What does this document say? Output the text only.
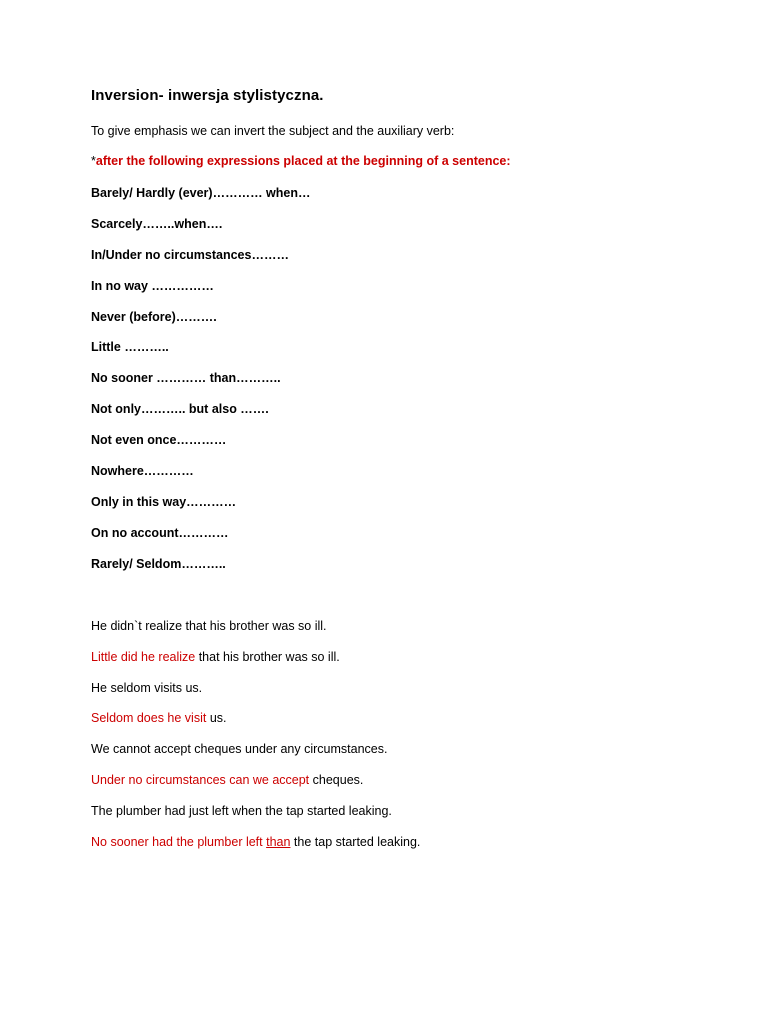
Inversion- inwersja stylistyczna.
To give emphasis we can invert the subject and the auxiliary verb:
*after the following expressions placed at the beginning of a sentence:
Barely/ Hardly (ever)………… when…
Scarcely……..when….
In/Under no circumstances………
In no way ……………
Never (before)……….
Little ………..
No sooner ………… than………..
Not only……….. but also …….
Not even once…………
Nowhere…………
Only in this way…………
On no account…………
Rarely/ Seldom………..
He didn`t realize that his brother was so ill.
Little did he realize that his brother was so ill.
He seldom visits us.
Seldom does he visit us.
We cannot accept cheques under any circumstances.
Under no circumstances can we accept cheques.
The plumber had just left when the tap started leaking.
No sooner had the plumber left than the tap started leaking.
